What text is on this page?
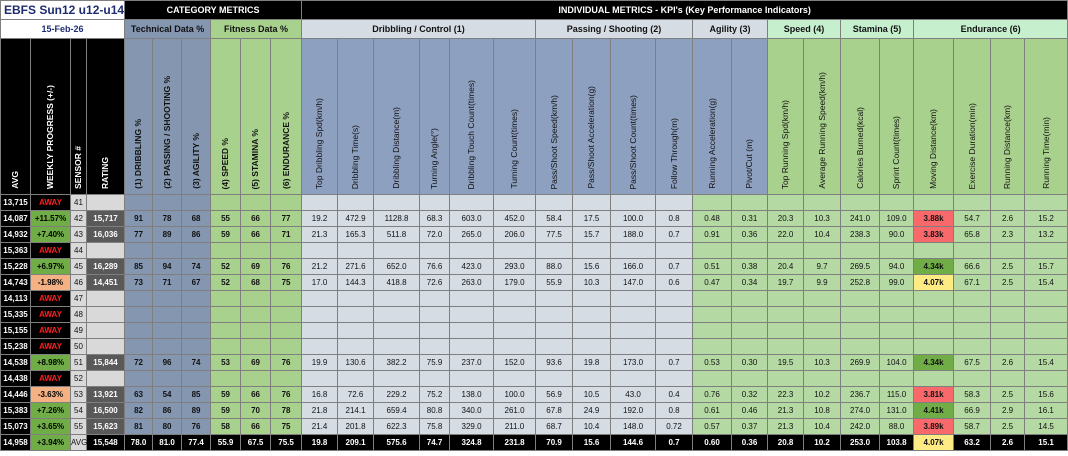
EBFS Sun12 u12-u14				CATEGORY METRICS						INDIVIDUAL METRICS - KPI's (Key Performance Indicators)																			
15-Feb-26				Technical Data %			Fitness Data %			Dribbling / Control (1)						Passing / Shooting (2)				Agility (3)		Speed (4)		Stamina (5)		Endurance (6)			
AVG	WEEKLY PROGRESS (+/-)	SENSOR #	RATING	(1) DRIBBLING %	(2) PASSING / SHOOTING %	(3) AGILITY %	(4) SPEED %	(5) STAMINA %	(6) ENDURANCE %	Top Dribbling Spd(km/h)	Dribbling Time(s)	Dribbling Distance(m)	Turning Angle(°)	Dribbling Touch Count(times)	Turning Count(times)	Pass/Shoot Speed(km/h)	Pass/Shoot Acceleration(g)	Pass/Shoot Count(times)	Follow Through(m)	Running Acceleration(g)	Pivot/Cut (m)	Top Running Spd(km/h)	Average Running Speed(km/h)	Calories Burned(kcal)	Sprint Count(times)	Moving Distance(km)	Exercise Duration(min)	Running Distance(km)	Running Time(min)
13,715	AWAY	41																											
14,087	+11.57%	42	15,717	91	78	68	55	66	77	19.2	472.9	1128.8	68.3	603.0	452.0	58.4	17.5	100.0	0.8	0.48	0.31	20.3	10.3	241.0	109.0	3.88k	54.7	2.6	15.2
14,932	+7.40%	43	16,036	77	89	86	59	66	71	21.3	165.3	511.8	72.0	265.0	206.0	77.5	15.7	188.0	0.7	0.91	0.36	22.0	10.4	238.3	90.0	3.83k	65.8	2.3	13.2
15,363	AWAY	44																											
15,228	+6.97%	45	16,289	85	94	74	52	69	76	21.2	271.6	652.0	76.6	423.0	293.0	88.0	15.6	166.0	0.7	0.51	0.38	20.4	9.7	269.5	94.0	4.34k	66.6	2.5	15.7
14,743	-1.98%	46	14,451	73	71	67	52	68	75	17.0	144.3	418.8	72.6	263.0	179.0	55.9	10.3	147.0	0.6	0.47	0.34	19.7	9.9	252.8	99.0	4.07k	67.1	2.5	15.4
14,113	AWAY	47																											
15,335	AWAY	48																											
15,155	AWAY	49																											
15,238	AWAY	50																											
14,538	+8.98%	51	15,844	72	96	74	53	69	76	19.9	130.6	382.2	75.9	237.0	152.0	93.6	19.8	173.0	0.7	0.53	0.30	19.5	10.3	269.9	104.0	4.34k	67.5	2.6	15.4
14,438	AWAY	52																											
14,446	-3.63%	53	13,921	63	54	85	59	66	76	16.8	72.6	229.2	75.2	138.0	100.0	56.9	10.5	43.0	0.4	0.76	0.32	22.3	10.2	236.7	115.0	3.81k	58.3	2.5	15.6
15,383	+7.26%	54	16,500	82	86	89	59	70	78	21.8	214.1	659.4	80.8	340.0	261.0	67.8	24.9	192.0	0.8	0.61	0.46	21.3	10.8	274.0	131.0	4.41k	66.9	2.9	16.1
15,073	+3.65%	55	15,623	81	80	76	58	66	75	21.4	201.8	622.3	75.8	329.0	211.0	68.7	10.4	148.0	0.72	0.57	0.37	21.3	10.4	242.0	88.0	3.89k	58.7	2.5	14.5
14,958	+3.94%	AVG	15,548	78.0	81.0	77.4	55.9	67.5	75.5	19.8	209.1	575.6	74.7	324.8	231.8	70.9	15.6	144.6	0.7	0.60	0.36	20.8	10.2	253.0	103.8	4.07k	63.2	2.6	15.1
